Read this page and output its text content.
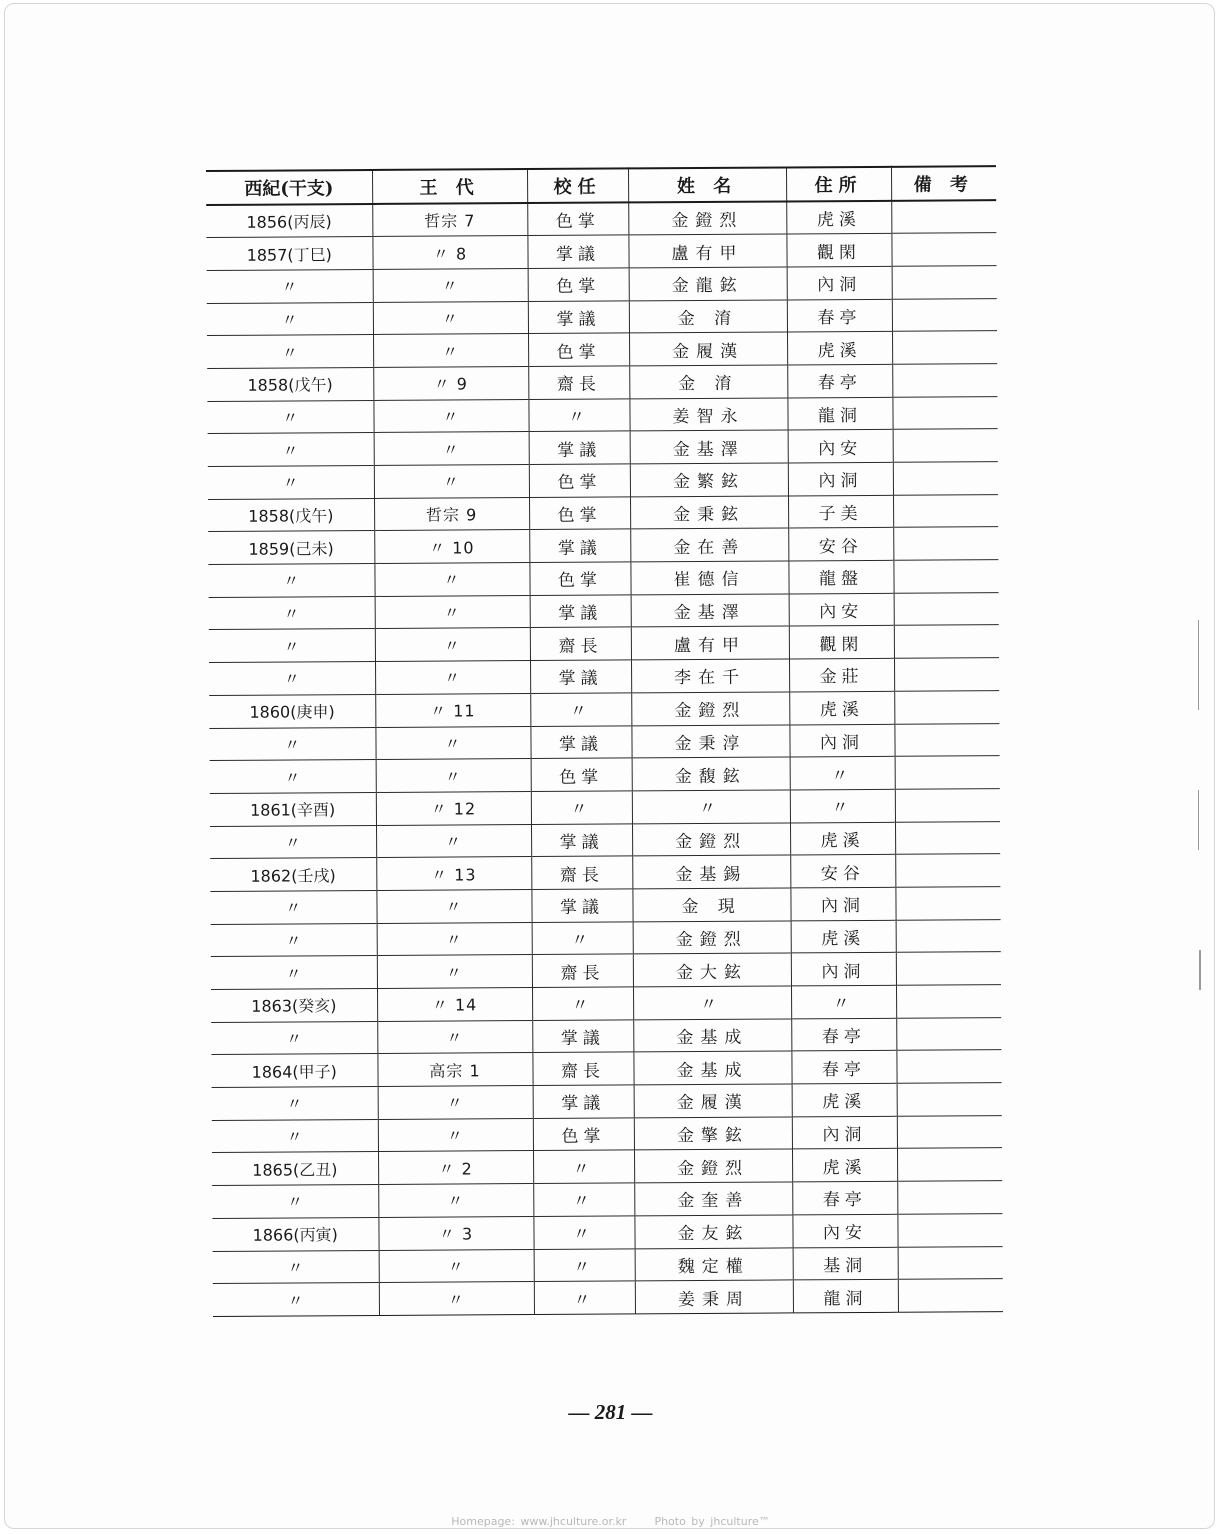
西紀(干支)	王 代	校任	姓 名	住所	備 考
1856(丙辰)	哲宗 7	色掌	金鐙烈	虎溪	
1857(丁巳)	〃 8	掌議	盧有甲	觀閑	
〃	〃	色掌	金龍鉉	內洞	
〃	〃	掌議	金 淯	春亭	
〃	〃	色掌	金履漢	虎溪	
1858(戊午)	〃 9	齋長	金 淯	春亭	
〃	〃	〃	姜智永	龍洞	
〃	〃	掌議	金基澤	內安	
〃	〃	色掌	金繁鉉	內洞	
1858(戊午)	哲宗 9	色掌	金秉鉉	子美	
1859(己未)	〃 10	掌議	金在善	安谷	
〃	〃	色掌	崔德信	龍盤	
〃	〃	掌議	金基澤	內安	
〃	〃	齋長	盧有甲	觀閑	
〃	〃	掌議	李在千	金莊	
1860(庚申)	〃 11	〃	金鐙烈	虎溪	
〃	〃	掌議	金秉淳	內洞	
〃	〃	色掌	金馥鉉	〃	
1861(辛酉)	〃 12	〃	〃	〃	
〃	〃	掌議	金鐙烈	虎溪	
1862(壬戌)	〃 13	齋長	金基錫	安谷	
〃	〃	掌議	金 現	內洞	
〃	〃	〃	金鐙烈	虎溪	
〃	〃	齋長	金大鉉	內洞	
1863(癸亥)	〃 14	〃	〃	〃	
〃	〃	掌議	金基成	春亭	
1864(甲子)	高宗 1	齋長	金基成	春亭	
〃	〃	掌議	金履漢	虎溪	
〃	〃	色掌	金擎鉉	內洞	
1865(乙丑)	〃 2	〃	金鐙烈	虎溪	
〃	〃	〃	金奎善	春亭	
1866(丙寅)	〃 3	〃	金友鉉	內安	
〃	〃	〃	魏定權	基洞	
〃	〃	〃	姜秉周	龍洞	
— 281 —
Homepage: www.jhculture.or.kr	Photo by jhculture™
